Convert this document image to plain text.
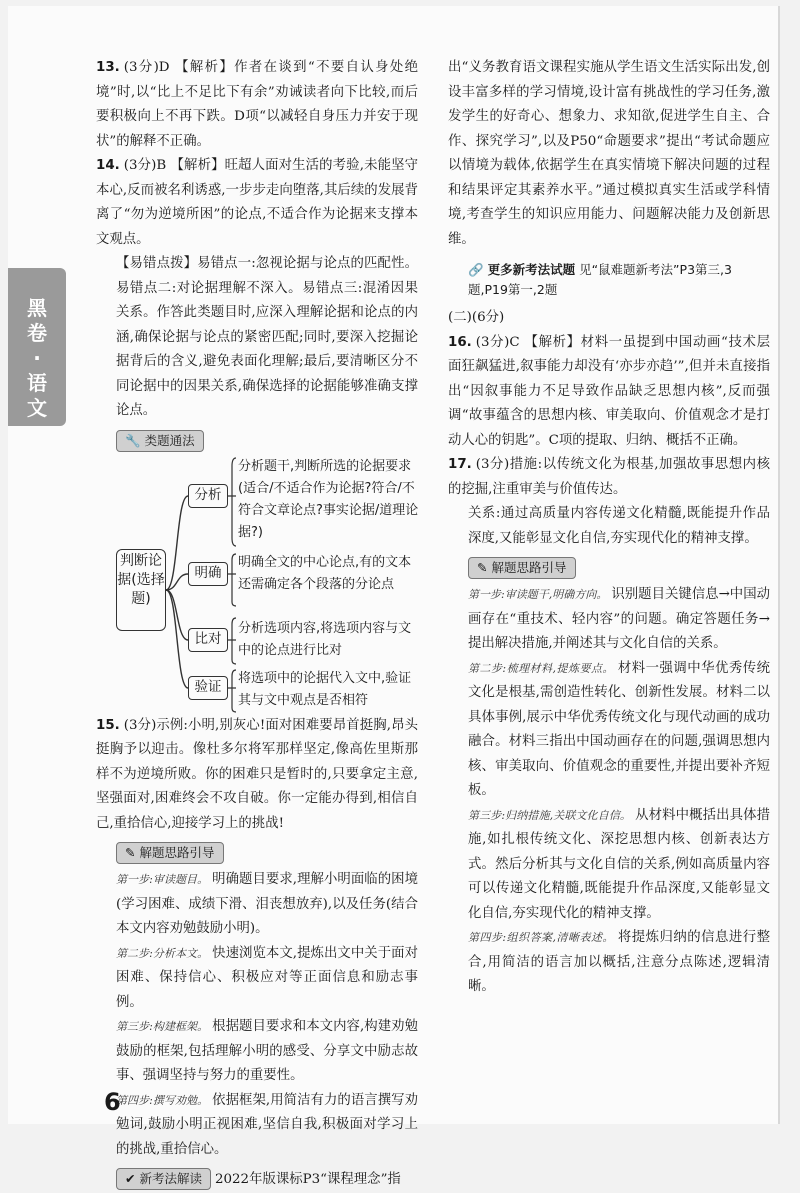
黑卷·语文

13. (3分)D 【解析】作者在谈到“不要自认身处绝境”时,以“比上不足比下有余”劝诫读者向下比较,而后要积极向上不再下跌。D项“以减轻自身压力并安于现状”的解释不正确。

14. (3分)B 【解析】旺超人面对生活的考验,未能坚守本心,反而被名利诱惑,一步步走向堕落,其后续的发展背离了“勿为逆境所困”的论点,不适合作为论据来支撑本文观点。

【易错点拨】易错点一:忽视论据与论点的匹配性。易错点二:对论据理解不深入。易错点三:混淆因果关系。作答此类题目时,应深入理解论据和论点的内涵,确保论据与论点的紧密匹配;同时,要深入挖掘论据背后的含义,避免表面化理解;最后,要清晰区分不同论据中的因果关系,确保选择的论据能够准确支撑论点。

🔧 类题通法
判断论据(选择题)
分析
分析题干,判断所选的论据要求(适合/不适合作为论据?符合/不符合文章论点?事实论据/道理论据?)
明确
明确全文的中心论点,有的文本还需确定各个段落的分论点
比对
分析选项内容,将选项内容与文中的论点进行比对
验证
将选项中的论据代入文中,验证其与文中观点是否相符

15. (3分)示例:小明,别灰心!面对困难要昂首挺胸,昂头挺胸予以迎击。像杜多尔将军那样坚定,像高佐里斯那样不为逆境所败。你的困难只是暂时的,只要拿定主意,坚强面对,困难终会不攻自破。你一定能办得到,相信自己,重拾信心,迎接学习上的挑战!

✎ 解题思路引导

第一步:审读题目。 明确题目要求,理解小明面临的困境(学习困难、成绩下滑、泪丧想放弃),以及任务(结合本文内容劝勉鼓励小明)。

第二步:分析本文。 快速浏览本文,提炼出文中关于面对困难、保持信心、积极应对等正面信息和励志事例。

第三步:构建框架。 根据题目要求和本文内容,构建劝勉鼓励的框架,包括理解小明的感受、分享文中励志故事、强调坚持与努力的重要性。

第四步:撰写劝勉。 依据框架,用简洁有力的语言撰写劝勉词,鼓励小明正视困难,坚信自我,积极面对学习上的挑战,重拾信心。

✔ 新考法解读 2022年版课标P3“课程理念”指

出“义务教育语文课程实施从学生语文生活实际出发,创设丰富多样的学习情境,设计富有挑战性的学习任务,激发学生的好奇心、想象力、求知欲,促进学生自主、合作、探究学习”,以及P50“命题要求”提出“考试命题应以情境为载体,依据学生在真实情境下解决问题的过程和结果评定其素养水平。”通过模拟真实生活或学科情境,考查学生的知识应用能力、问题解决能力及创新思维。

🔗 更多新考法试题 见“鼠难题新考法”P3第三,3题,P19第一,2题

(二)(6分)

16. (3分)C 【解析】材料一虽提到中国动画“技术层面狂飙猛进,叙事能力却没有‘亦步亦趋’”,但并未直接指出“因叙事能力不足导致作品缺乏思想内核”,反而强调“故事蕴含的思想内核、审美取向、价值观念才是打动人心的钥匙”。C项的提取、归纳、概括不正确。

17. (3分)措施:以传统文化为根基,加强故事思想内核的挖掘,注重审美与价值传达。

关系:通过高质量内容传递文化精髓,既能提升作品深度,又能彰显文化自信,夯实现代化的精神支撑。

✎ 解题思路引导

第一步:审读题干,明确方向。 识别题目关键信息→中国动画存在“重技术、轻内容”的问题。确定答题任务→提出解决措施,并阐述其与文化自信的关系。

第二步:梳理材料,提炼要点。 材料一强调中华优秀传统文化是根基,需创造性转化、创新性发展。材料二以具体事例,展示中华优秀传统文化与现代动画的成功融合。材料三指出中国动画存在的问题,强调思想内核、审美取向、价值观念的重要性,并提出要补齐短板。

第三步:归纳措施,关联文化自信。 从材料中概括出具体措施,如扎根传统文化、深挖思想内核、创新表达方式。然后分析其与文化自信的关系,例如高质量内容可以传递文化精髓,既能提升作品深度,又能彰显文化自信,夯实现代化的精神支撑。

第四步:组织答案,清晰表述。 将提炼归纳的信息进行整合,用简洁的语言加以概括,注意分点陈述,逻辑清晰。

6
